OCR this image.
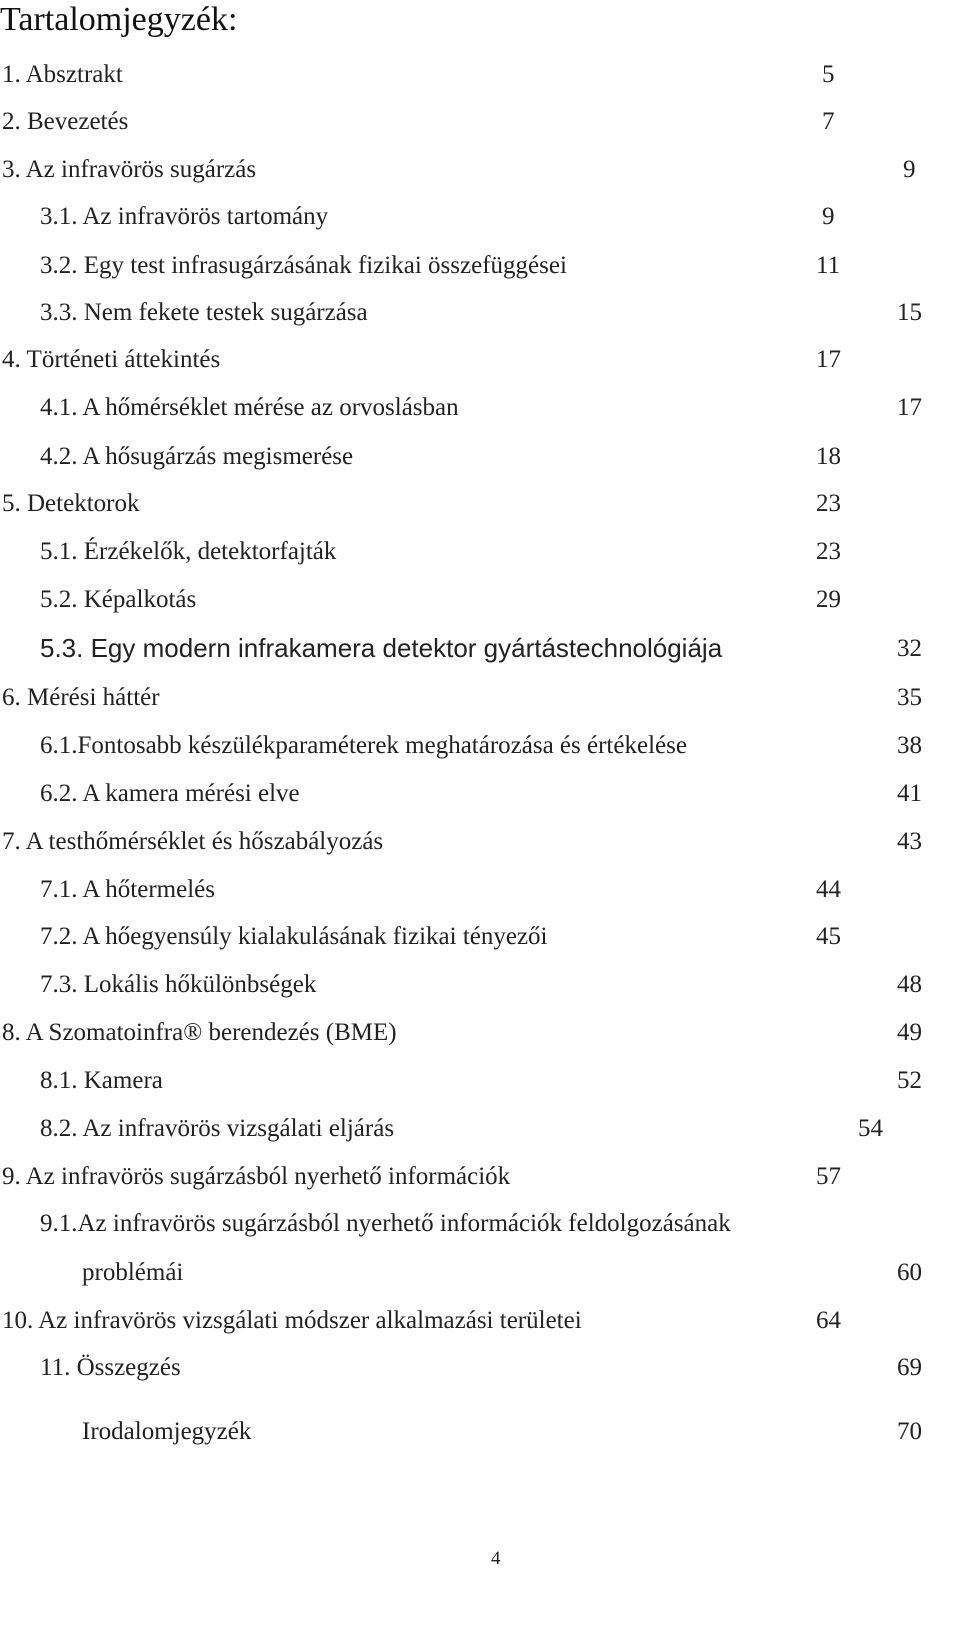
Tartalomjegyzék:
1. Absztrakt	5
2. Bevezetés	7
3. Az infravörös sugárzás	9
3.1. Az infravörös tartomány	9
3.2. Egy test infrasugárzásának fizikai összefüggései	11
3.3. Nem fekete testek sugárzása	15
4. Történeti áttekintés	17
4.1. A hőmérséklet mérése az orvoslásban	17
4.2. A hősugárzás megismerése	18
5. Detektorok	23
5.1. Érzékelők, detektorfajták	23
5.2. Képalkotás	29
5.3. Egy modern infrakamera detektor gyártástechnológiája	32
6. Mérési háttér	35
6.1.Fontosabb készülékparaméterek meghatározása és értékelése	38
6.2. A kamera mérési elve	41
7. A testhőmérséklet és hőszabályozás	43
7.1. A hőtermelés	44
7.2. A hőegyensúly kialakulásának fizikai tényezői	45
7.3. Lokális hőkülönbségek	48
8. A Szomatoinfra® berendezés (BME)	49
8.1. Kamera	52
8.2. Az infravörös vizsgálati eljárás	54
9. Az infravörös sugárzásból nyerhető információk	57
9.1.Az infravörös sugárzásból nyerhető információk feldolgozásának
problémái	60
10. Az infravörös vizsgálati módszer alkalmazási területei	64
11. Összegzés	69
Irodalomjegyzék	70
4
